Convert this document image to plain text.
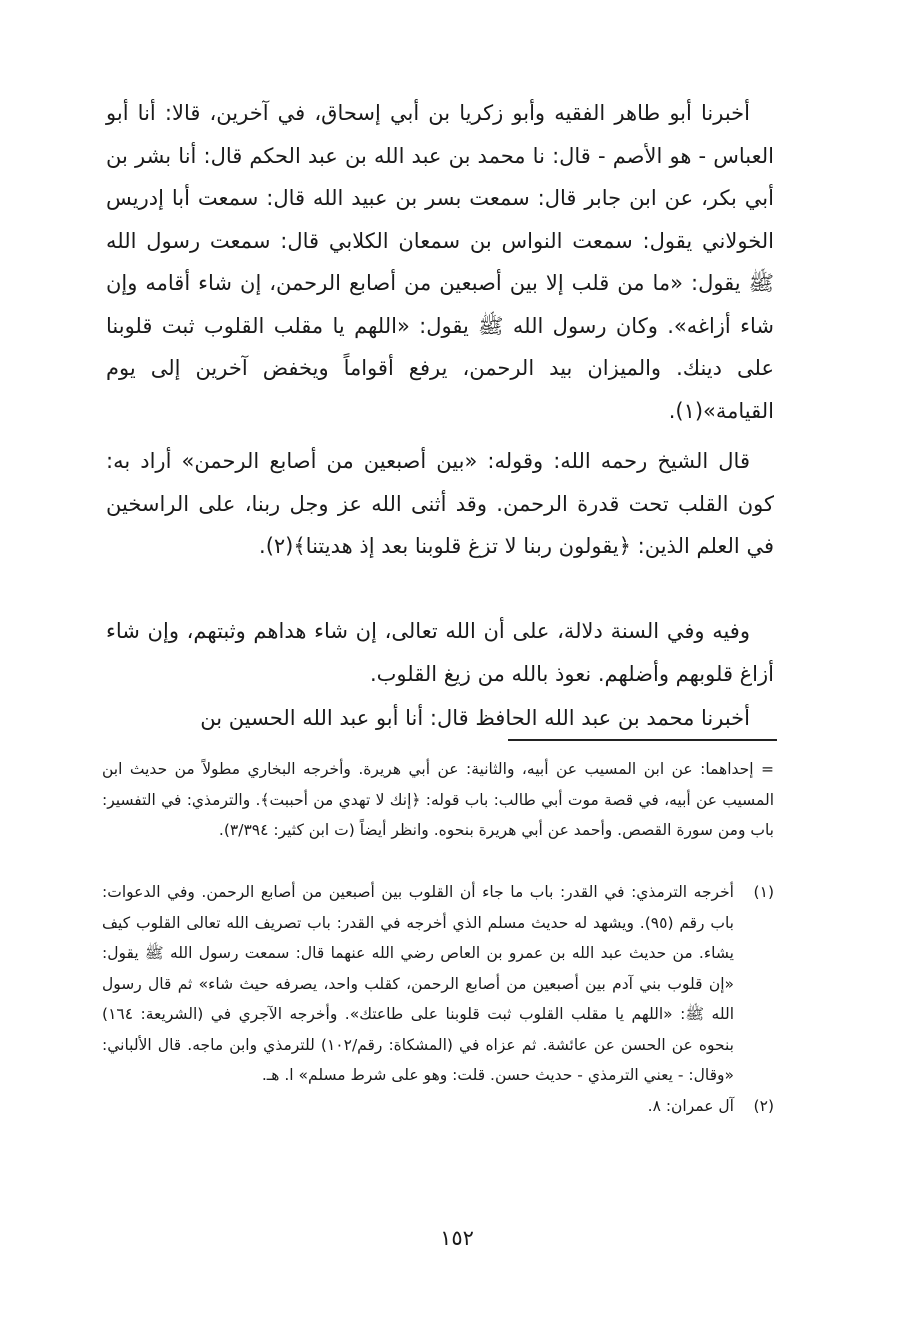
أخبرنا أبو طاهر الفقيه وأبو زكريا بن أبي إسحاق، في آخرين، قالا: أنا أبو العباس - هو الأصم - قال: نا محمد بن عبد الله بن عبد الحكم قال: أنا بشر بن أبي بكر، عن ابن جابر قال: سمعت بسر بن عبيد الله قال: سمعت أبا إدريس الخولاني يقول: سمعت النواس بن سمعان الكلابي قال: سمعت رسول الله ﷺ يقول: «ما من قلب إلا بين أصبعين من أصابع الرحمن، إن شاء أقامه وإن شاء أزاغه». وكان رسول الله ﷺ يقول: «اللهم يا مقلب القلوب ثبت قلوبنا على دينك. والميزان بيد الرحمن، يرفع أقواماً ويخفض آخرين إلى يوم القيامة»(١).

قال الشيخ رحمه الله: وقوله: «بين أصبعين من أصابع الرحمن» أراد به: كون القلب تحت قدرة الرحمن. وقد أثنى الله عز وجل ربنا، على الراسخين في العلم الذين: ﴿يقولون ربنا لا تزغ قلوبنا بعد إذ هديتنا﴾(٢).

وفيه وفي السنة دلالة، على أن الله تعالى، إن شاء هداهم وثبتهم، وإن شاء أزاغ قلوبهم وأضلهم. نعوذ بالله من زيغ القلوب.

أخبرنا محمد بن عبد الله الحافظ قال: أنا أبو عبد الله الحسين بن

= إحداهما: عن ابن المسيب عن أبيه، والثانية: عن أبي هريرة. وأخرجه البخاري مطولاً من حديث ابن المسيب عن أبيه، في قصة موت أبي طالب: باب قوله: ﴿إنك لا تهدي من أحببت﴾. والترمذي: في التفسير: باب ومن سورة القصص. وأحمد عن أبي هريرة بنحوه. وانظر أيضاً (ت ابن كثير: ٣/٣٩٤).

(١)
أخرجه الترمذي: في القدر: باب ما جاء أن القلوب بين أصبعين من أصابع الرحمن. وفي الدعوات: باب رقم (٩٥). ويشهد له حديث مسلم الذي أخرجه في القدر: باب تصريف الله تعالى القلوب كيف يشاء. من حديث عبد الله بن عمرو بن العاص رضي الله عنهما قال: سمعت رسول الله ﷺ يقول: «إن قلوب بني آدم بين أصبعين من أصابع الرحمن، كقلب واحد، يصرفه حيث شاء» ثم قال رسول الله ﷺ: «اللهم يا مقلب القلوب ثبت قلوبنا على طاعتك». وأخرجه الآجري في (الشريعة: ١٦٤) بنحوه عن الحسن عن عائشة. ثم عزاه في (المشكاة: رقم/١٠٢) للترمذي وابن ماجه. قال الألباني: «وقال: - يعني الترمذي - حديث حسن. قلت: وهو على شرط مسلم» ا. هـ.
(٢)
آل عمران: ٨.
١٥٢
